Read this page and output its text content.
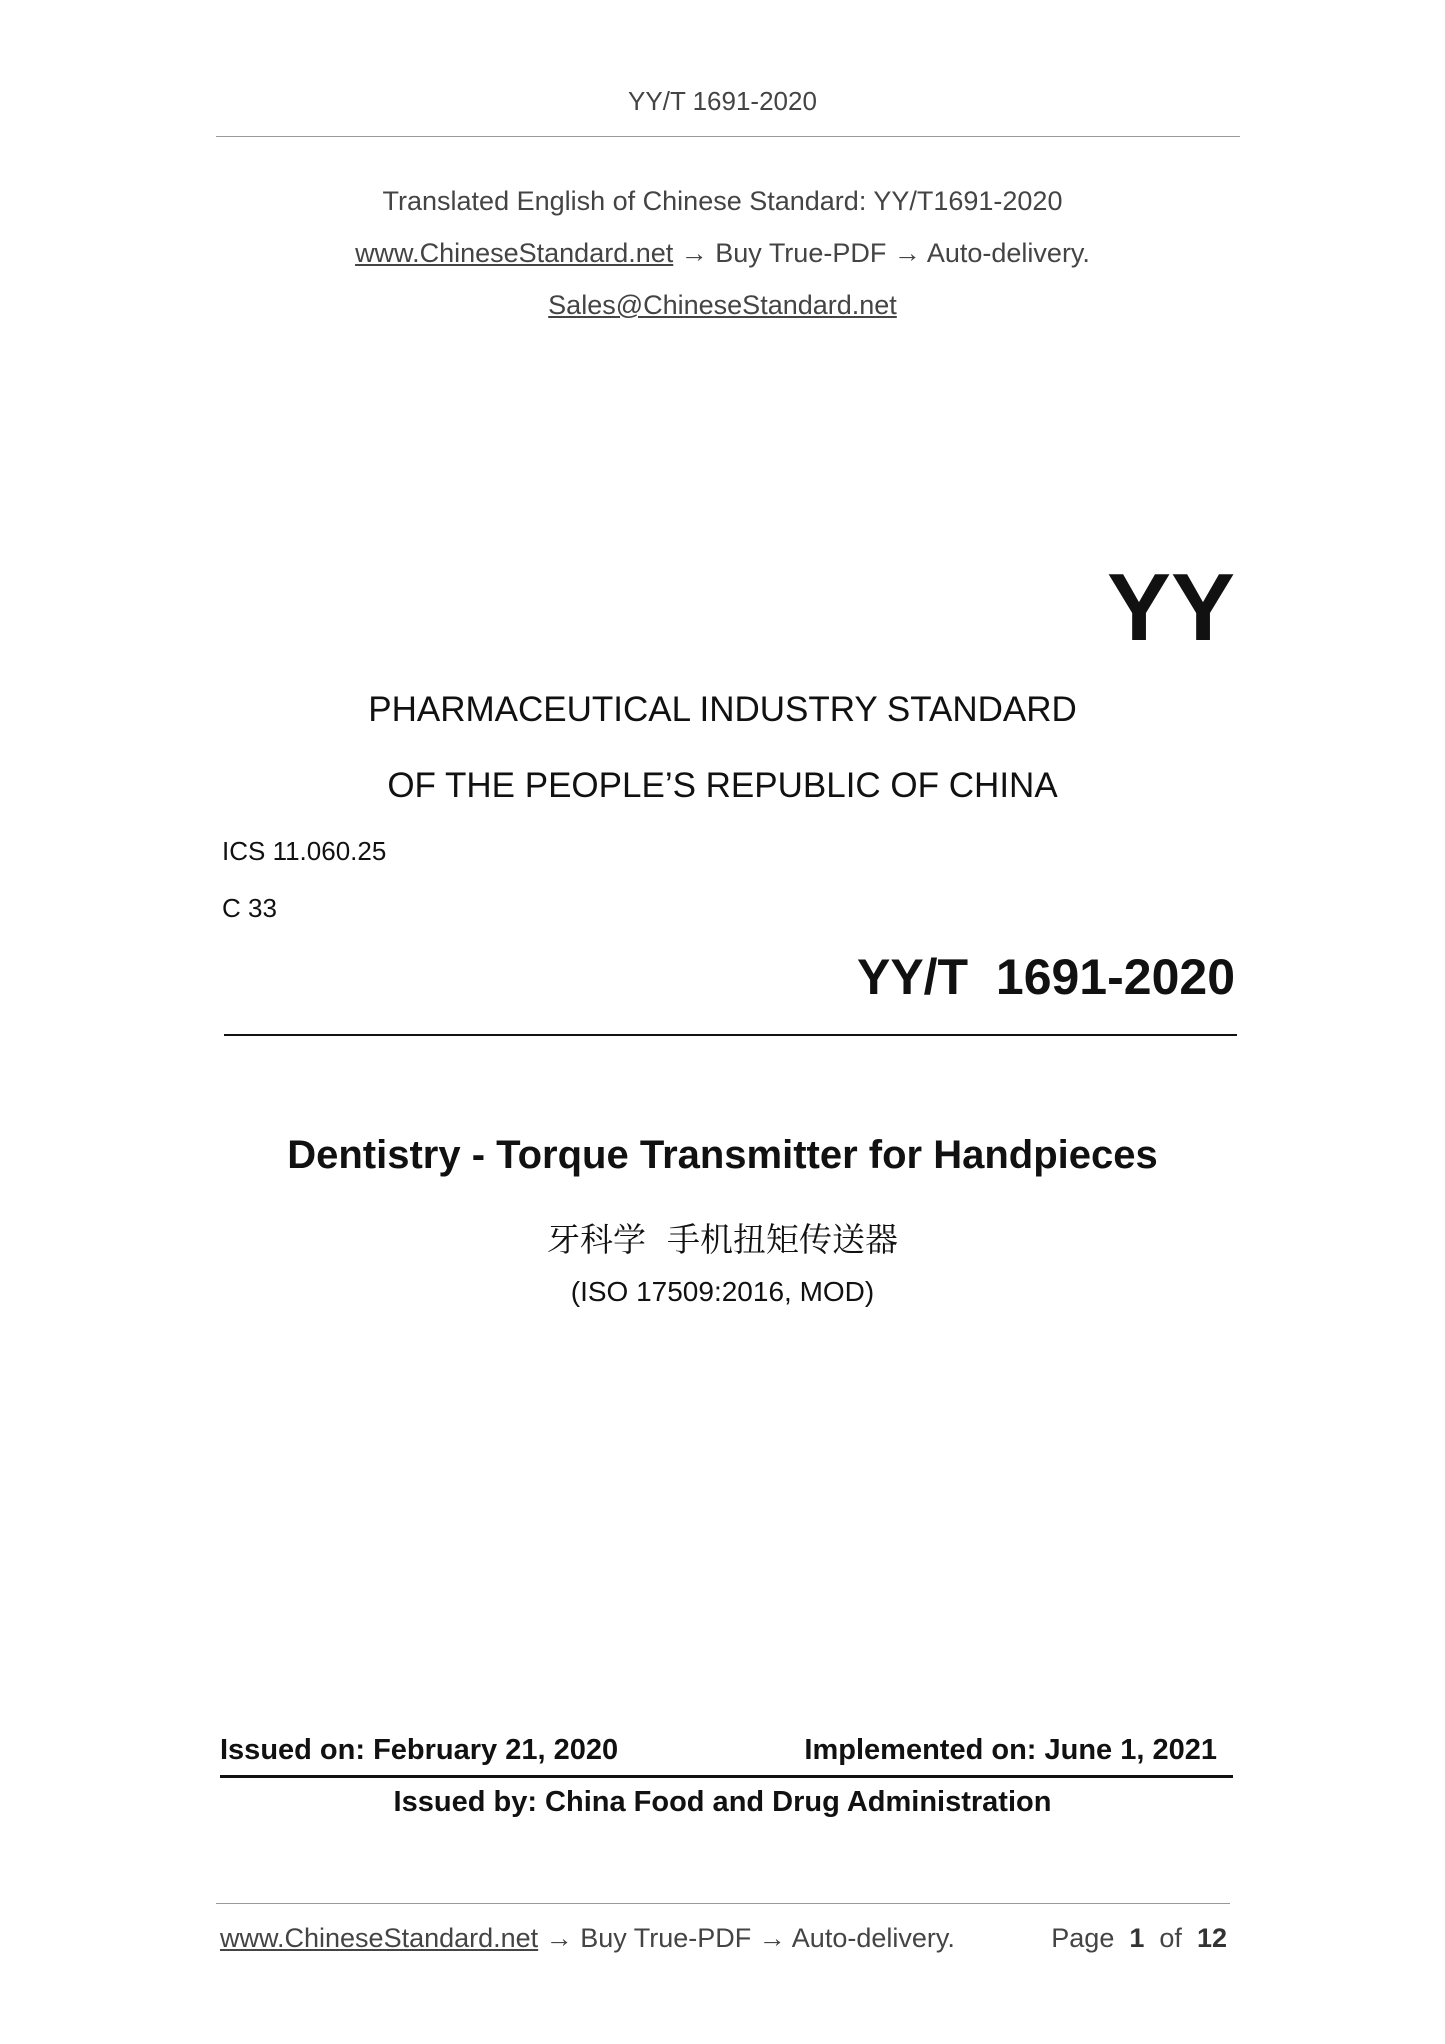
YY/T 1691-2020
Translated English of Chinese Standard: YY/T1691-2020
www.ChineseStandard.net → Buy True-PDF → Auto-delivery.
Sales@ChineseStandard.net
YY
PHARMACEUTICAL INDUSTRY STANDARD
OF THE PEOPLE’S REPUBLIC OF CHINA
ICS 11.060.25
C 33
YY/T  1691-2020
Dentistry - Torque Transmitter for Handpieces
牙科学  手机扭矩传送器
(ISO 17509:2016, MOD)
Issued on: February 21, 2020	Implemented on: June 1, 2021
Issued by: China Food and Drug Administration
www.ChineseStandard.net → Buy True-PDF → Auto-delivery.	Page 1 of 12
